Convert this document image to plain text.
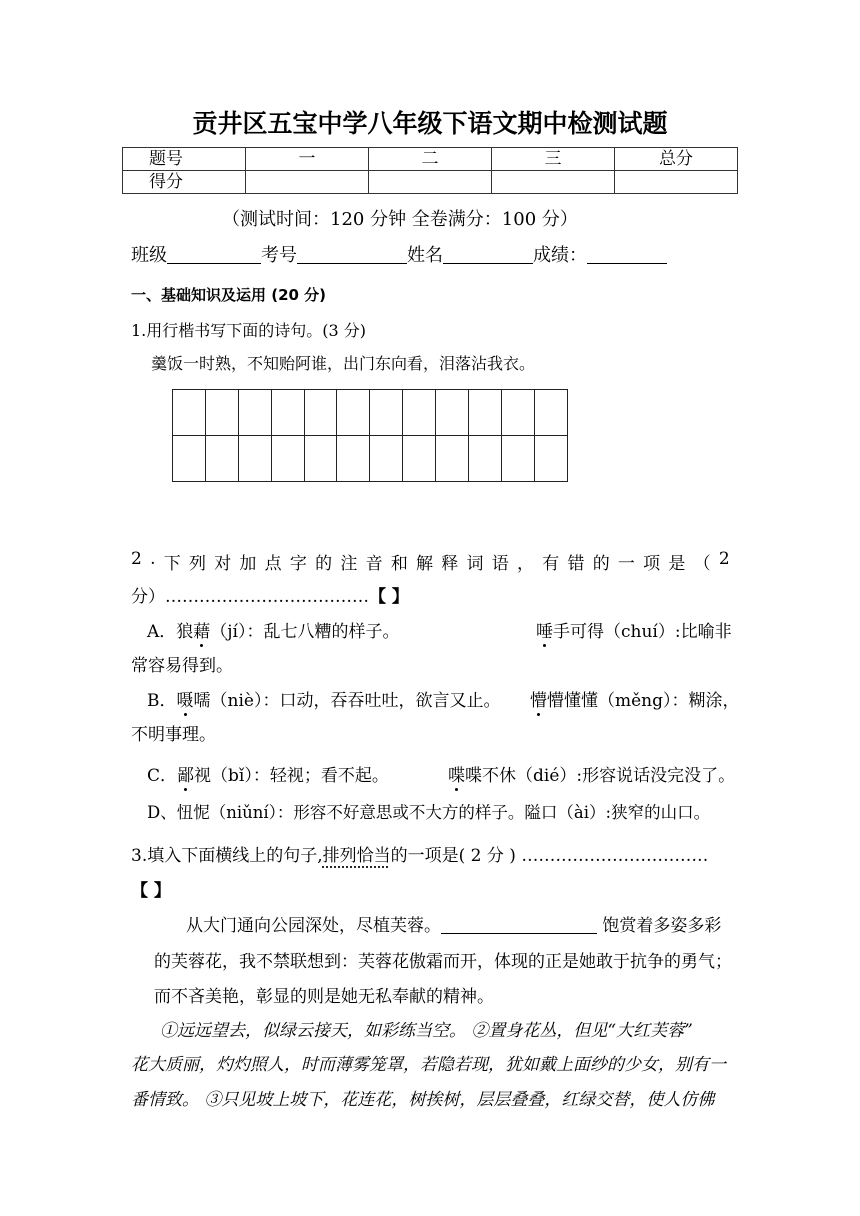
贡井区五宝中学八年级下语文期中检测试题
题号	一	二	三	总分
得分				
（测试时间：120 分钟 全卷满分：100 分）
班级	考号	姓名	成绩：
一、基础知识及运用 (20 分)
1.用行楷书写下面的诗句。(3 分)
羹饭一时熟，不知贻阿谁，出门东向看，泪落沾我衣。
2 . 下 列 对 加 点 字 的 注 音 和 解 释 词 语 ， 有 错 的 一 项 是 （ 2
分）………………………………【 】
A．狼藉（jí）：乱七八糟的样子。	唾手可得（chuí）:比喻非
常容易得到。
B．嗫嚅（niè）：口动，吞吞吐吐，欲言又止。 懵懵懂懂（měng）：糊涂，
不明事理。
C．鄙视（bǐ）：轻视；看不起。	喋喋不休（dié）:形容说话没完没了。
D、忸怩（niǔní）：形容不好意思或不大方的样子。隘口（ài）:狭窄的山口。
3.填入下面横线上的句子,排列恰当的一项是( 2 分 ) ……………………………
【 】
从大门通向公园深处，尽植芙蓉。	饱赏着多姿多彩
的芙蓉花，我不禁联想到：芙蓉花傲霜而开，体现的正是她敢于抗争的勇气；
而不吝美艳，彰显的则是她无私奉献的精神。
①远远望去，似绿云接天，如彩练当空。 ②置身花丛，但见“大红芙蓉”
花大质丽，灼灼照人，时而薄雾笼罩，若隐若现，犹如戴上面纱的少女，别有一
番情致。 ③只见坡上坡下，花连花，树挨树，层层叠叠，红绿交替，使人仿佛
